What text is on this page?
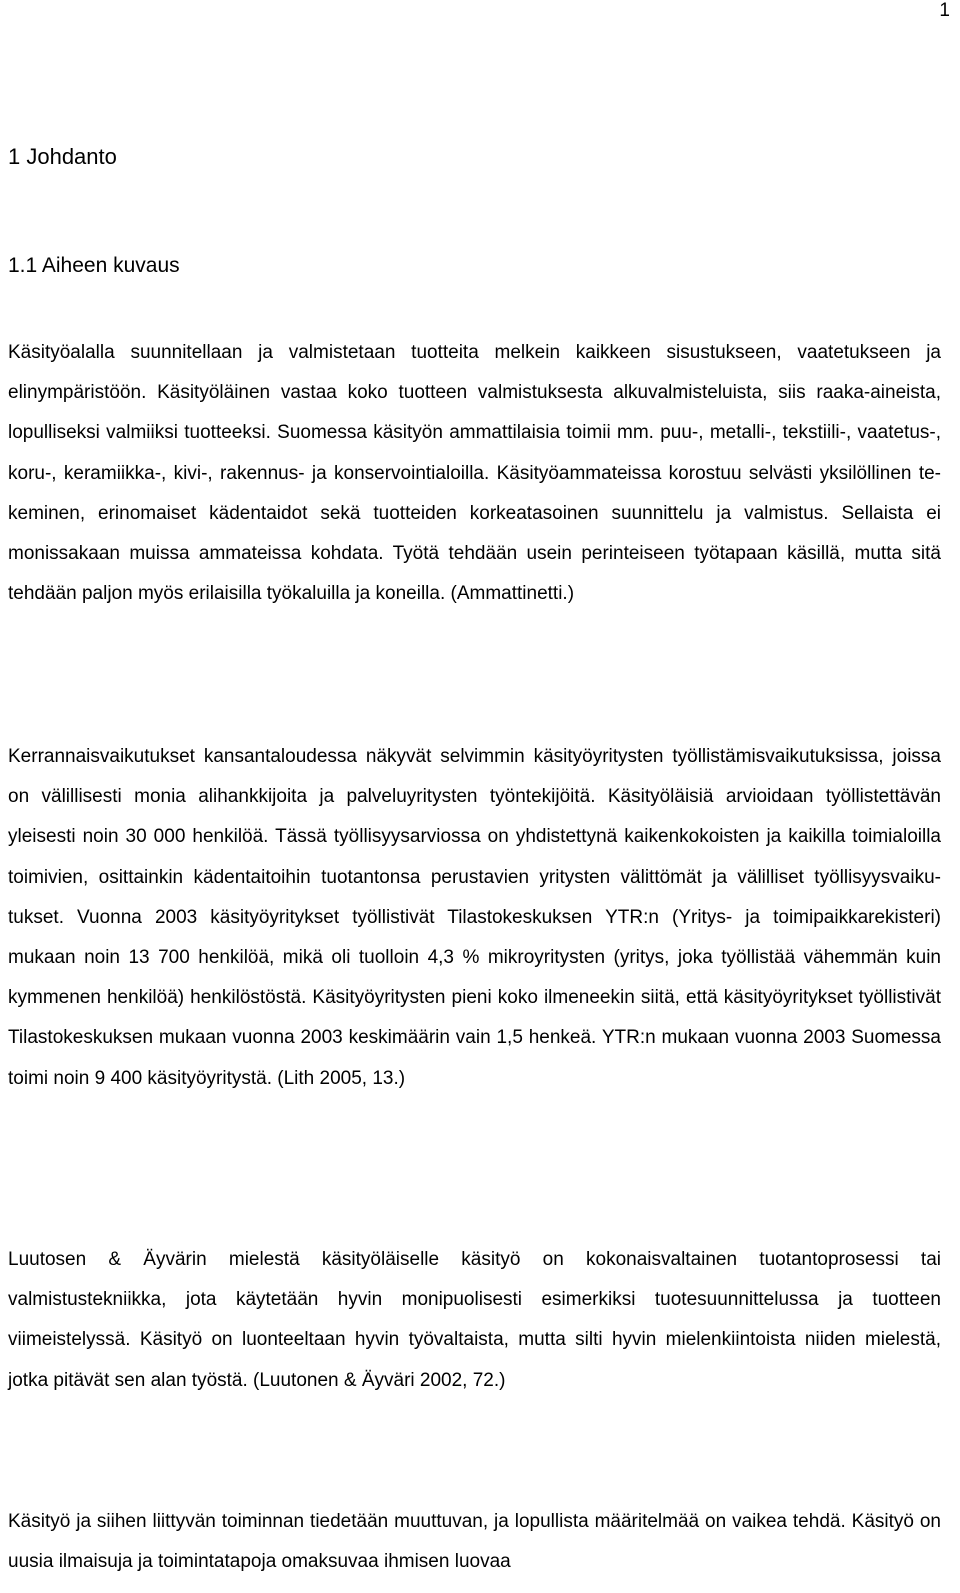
1
1 Johdanto
1.1 Aiheen kuvaus

Käsityöalalla suunnitellaan ja valmistetaan tuotteita melkein kaikkeen sisustukseen, vaatetukseen ja elinympäristöön. Käsityöläinen vastaa koko tuotteen valmistuksesta alkuvalmisteluista, siis raaka-aineista, lopulliseksi valmiiksi tuotteeksi. Suomessa käsityön ammattilaisia toimii mm. puu-, metalli-, tekstiili-, vaatetus-, koru-, keramiikka-, kivi-, rakennus- ja konservointialoilla. Käsityöammateissa korostuu selvästi yksilöllinen tekeminen, erinomaiset kädentaidot sekä tuotteiden korkeatasoinen suunnittelu ja valmistus. Sellaista ei monissakaan muissa ammateissa kohdata. Työtä tehdään usein perinteiseen työtapaan käsillä, mutta sitä tehdään paljon myös erilaisilla työkaluilla ja koneilla. (Ammattinetti.)

Kerrannaisvaikutukset kansantaloudessa näkyvät selvimmin käsityöyritysten työllistämisvaikutuksissa, joissa on välillisesti monia alihankkijoita ja palveluyritysten työntekijöitä. Käsityöläisiä arvioidaan työllistettävän yleisesti noin 30 000 henkilöä. Tässä työllisyysarviossa on yhdistettynä kaikenkokoisten ja kaikilla toimialoilla toimivien, osittainkin kädentaitoihin tuotantonsa perustavien yritysten välittömät ja välilliset työllisyysvaikutukset. Vuonna 2003 käsityöyritykset työllistivät Tilastokeskuksen YTR:n (Yritys- ja toimipaikkarekisteri) mukaan noin 13 700 henkilöä, mikä oli tuolloin 4,3 % mikroyritysten (yritys, joka työllistää vähemmän kuin kymmenen henkilöä) henkilöstöstä. Käsityöyritysten pieni koko ilmeneekin siitä, että käsityöyritykset työllistivät Tilastokeskuksen mukaan vuonna 2003 keskimäärin vain 1,5 henkeä. YTR:n mukaan vuonna 2003 Suomessa toimi noin 9 400 käsityöyritystä. (Lith 2005, 13.)

Luutosen & Äyvärin mielestä käsityöläiselle käsityö on kokonaisvaltainen tuotantoprosessi tai valmistustekniikka, jota käytetään hyvin monipuolisesti esimerkiksi tuotesuunnittelussa ja tuotteen viimeistelyssä. Käsityö on luonteeltaan hyvin työvaltaista, mutta silti hyvin mielenkiintoista niiden mielestä, jotka pitävät sen alan työstä. (Luutonen & Äyväri 2002, 72.)

Käsityö ja siihen liittyvän toiminnan tiedetään muuttuvan, ja lopullista määritelmää on vaikea tehdä. Käsityö on uusia ilmaisuja ja toimintatapoja omaksuvaa ihmisen luovaa
